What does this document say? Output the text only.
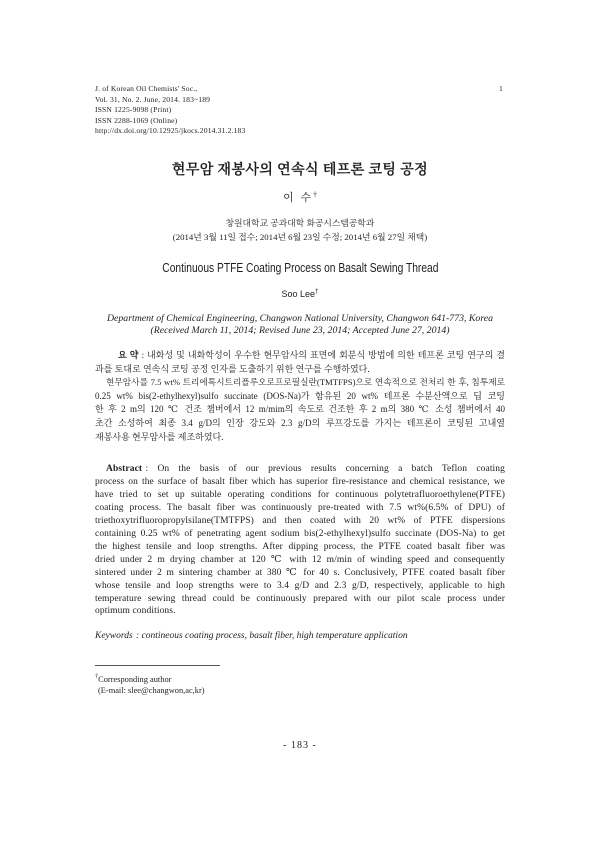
J. of Korean Oil Chemists' Soc.,
Vol. 31, No. 2. June, 2014. 183~189
ISSN 1225-9098 (Print)
ISSN 2288-1069 (Online)
http://dx.doi.org/10.12925/jkocs.2014.31.2.183
1
현무암 재봉사의 연속식 테프론 코팅 공정
이 수†
창원대학교 공과대학 화공시스템공학과
(2014년 3월 11일 접수; 2014년 6월 23일 수정; 2014년 6월 27일 채택)
Continuous PTFE Coating Process on Basalt Sewing Thread
Soo Lee†
Department of Chemical Engineering, Changwon National University, Changwon 641-773, Korea
(Received March 11, 2014; Revised June 23, 2014; Accepted June 27, 2014)
요 약 : 내화성 및 내화학성이 우수한 현무암사의 표면에 회분식 방법에 의한 테프론 코팅 연구의 결
과를 토대로 연속식 코팅 공정 인자를 도출하기 위한 연구를 수행하였다.
현무암사를 7.5 wt% 트리에톡시트리플루오로프로필실란(TMTFPS)으로 연속적으로 전처리 한 후, 침투제로
0.25 wt% bis(2-ethylhexyl)sulfo succinate (DOS-Na)가 함유된 20 wt% 테프론 수분산액으로 딥 코팅
한 후 2 m의 120 ℃ 건조 챔버에서 12 m/mim의 속도로 건조한 후 2 m의 380 ℃ 소성 챔버에서 40
초간 소성하여 최종 3.4 g/D의 인장 강도와 2.3 g/D의 루프강도를 가지는 테프론이 코팅된 고내열
재봉사용 현무암사를 제조하였다.
Abstract : On the basis of our previous results concerning a batch Teflon coating
process on the surface of basalt fiber which has superior fire-resistance and chemical resistance, we
have tried to set up suitable operating conditions for continuous polytetrafluoroethylene(PTFE)
coating process. The basalt fiber was continuously pre-treated with 7.5 wt%(6.5% of DPU) of
triethoxytrifluoropropylsilane(TMTFPS) and then coated with 20 wt% of PTFE dispersions
containing 0.25 wt% of penetrating agent sodium bis(2-ethylhexyl)sulfo succinate (DOS-Na) to get
the highest tensile and loop strengths. After dipping process, the PTFE coated basalt fiber was
dried under 2 m drying chamber at 120 ℃ with 12 m/min of winding speed and consequently
sintered under 2 m sintering chamber at 380 ℃ for 40 s. Conclusively, PTFE coated basalt fiber
whose tensile and loop strengths were to 3.4 g/D and 2.3 g/D, respectively, applicable to high
temperature sewing thread could be continuously prepared with our pilot scale process under
optimum conditions.
Keywords : contineous coating process, basalt fiber, high temperature application
†Corresponding author
(E-mail: slee@changwon,ac,kr)
- 183 -
